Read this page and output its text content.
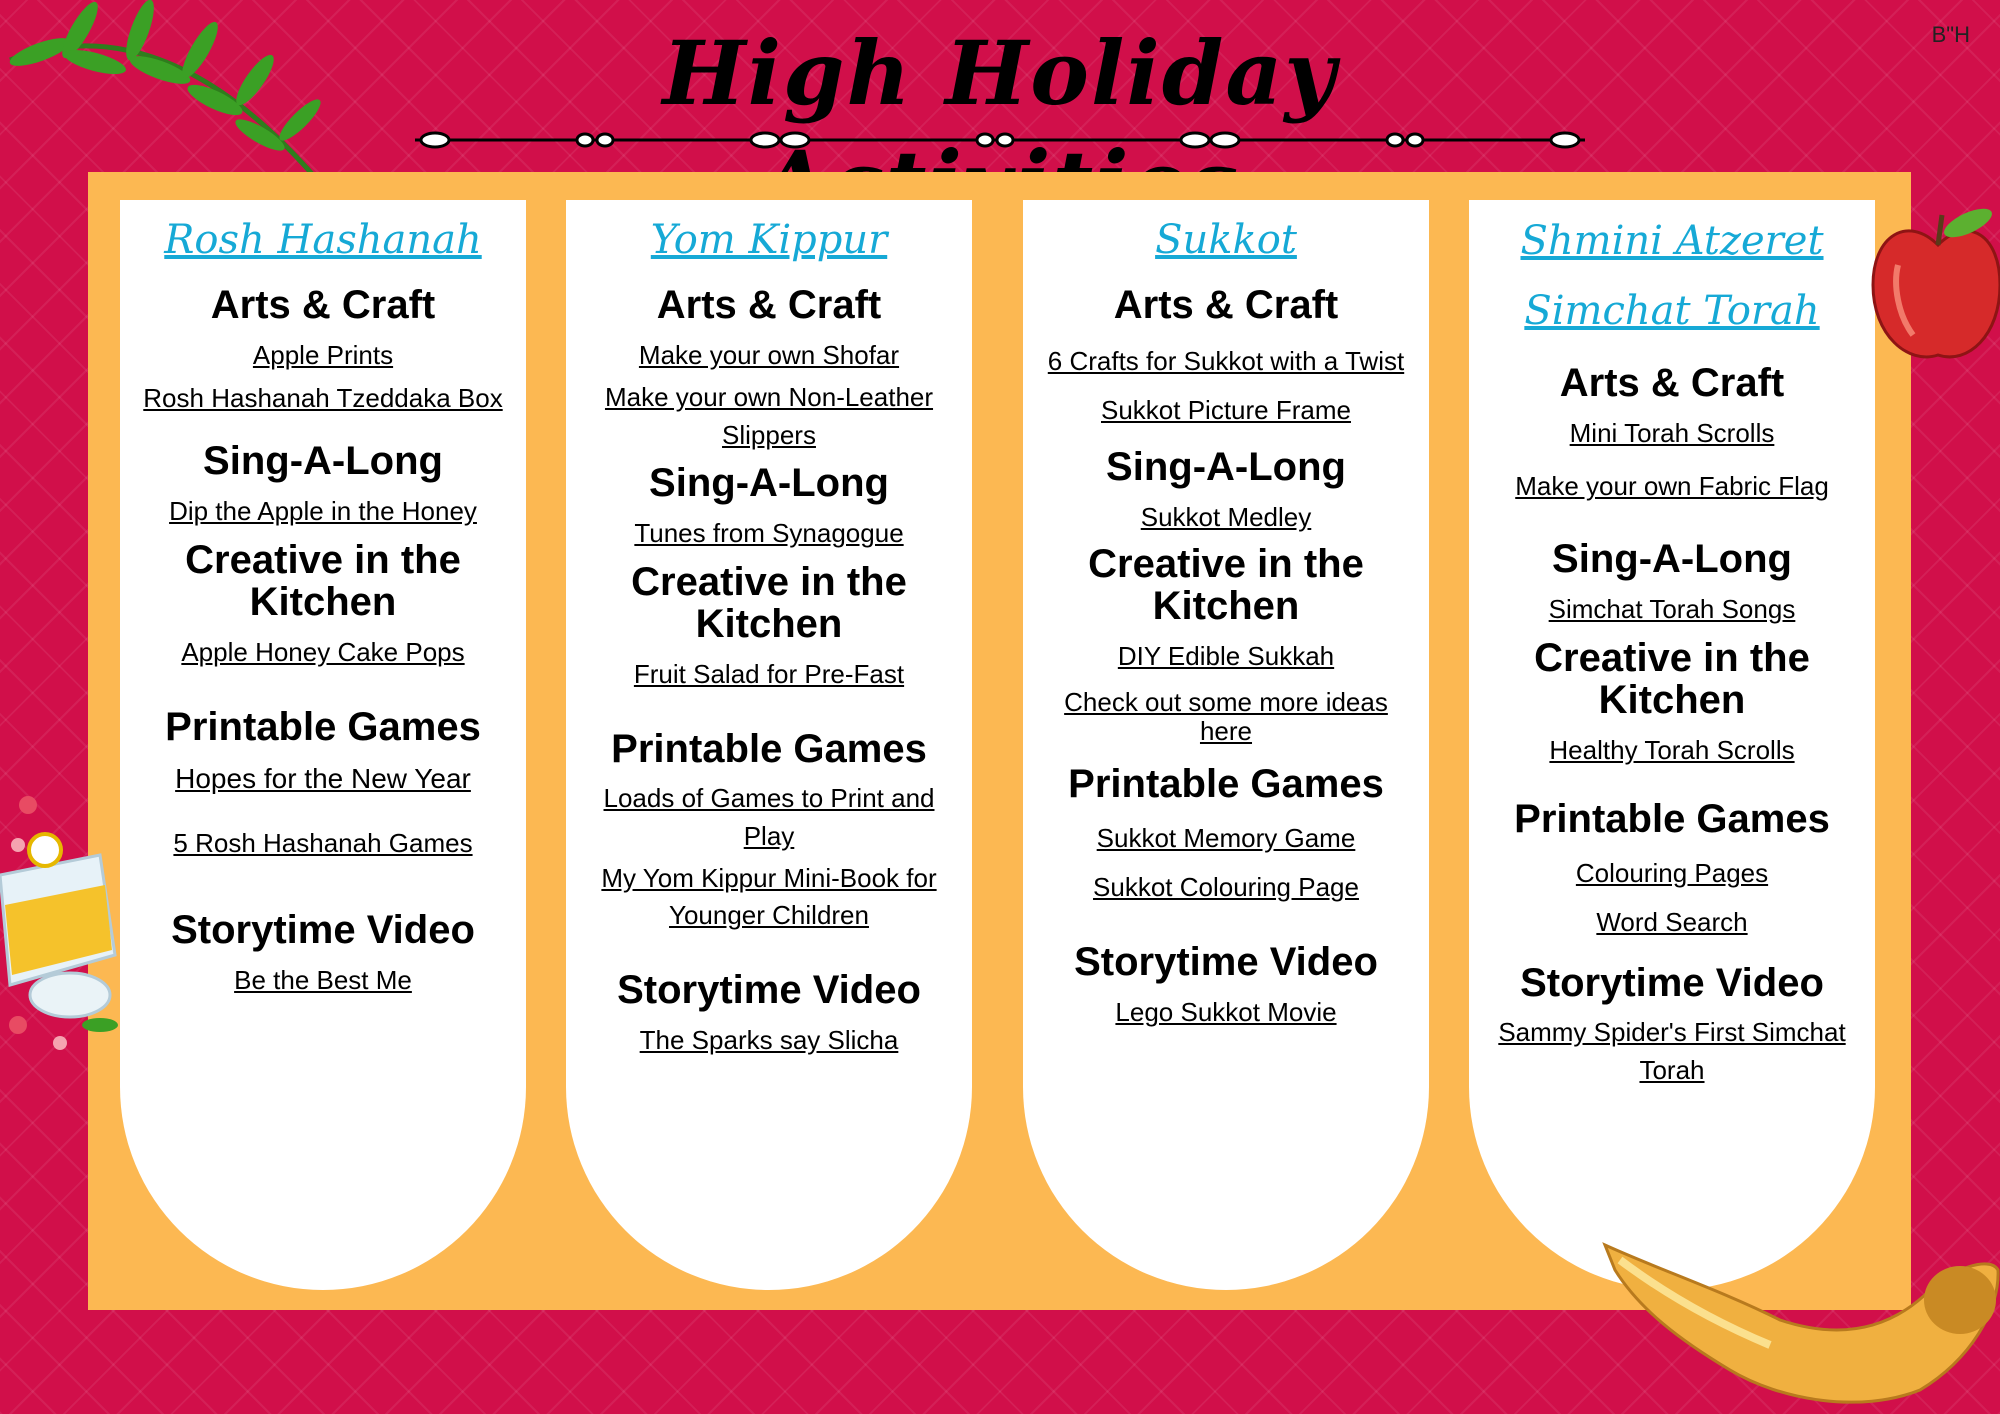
High Holiday	B"H

Rosh Hashanah
Arts & Craft
Apple Prints
Rosh Hashanah Tzeddaka Box
Sing-A-Long
Dip the Apple in the Honey
Creative in the Kitchen
Apple Honey Cake Pops
Printable Games
Hopes for the New Year
5 Rosh Hashanah Games
Storytime Video
Be the Best Me
Yom Kippur
Arts & Craft
Make your own Shofar
Make your own Non-Leather Slippers
Sing-A-Long
Tunes from Synagogue
Creative in the Kitchen
Fruit Salad for Pre-Fast
Printable Games
Loads of Games to Print and Play
My Yom Kippur Mini-Book for Younger Children
Storytime Video
The Sparks say Slicha
Sukkot
Arts & Craft
6 Crafts for Sukkot with a Twist
Sukkot Picture Frame
Sing-A-Long
Sukkot Medley
Creative in the Kitchen
DIY Edible Sukkah
Check out some more ideas here
Printable Games
Sukkot Memory Game
Sukkot Colouring Page
Storytime Video
Lego Sukkot Movie
Shmini Atzeret
Simchat Torah
Arts & Craft
Mini Torah Scrolls
Make your own Fabric Flag
Sing-A-Long
Simchat Torah Songs
Creative in the Kitchen
Healthy Torah Scrolls
Printable Games
Colouring Pages
Word Search
Storytime Video
Sammy Spider's First Simchat Torah
